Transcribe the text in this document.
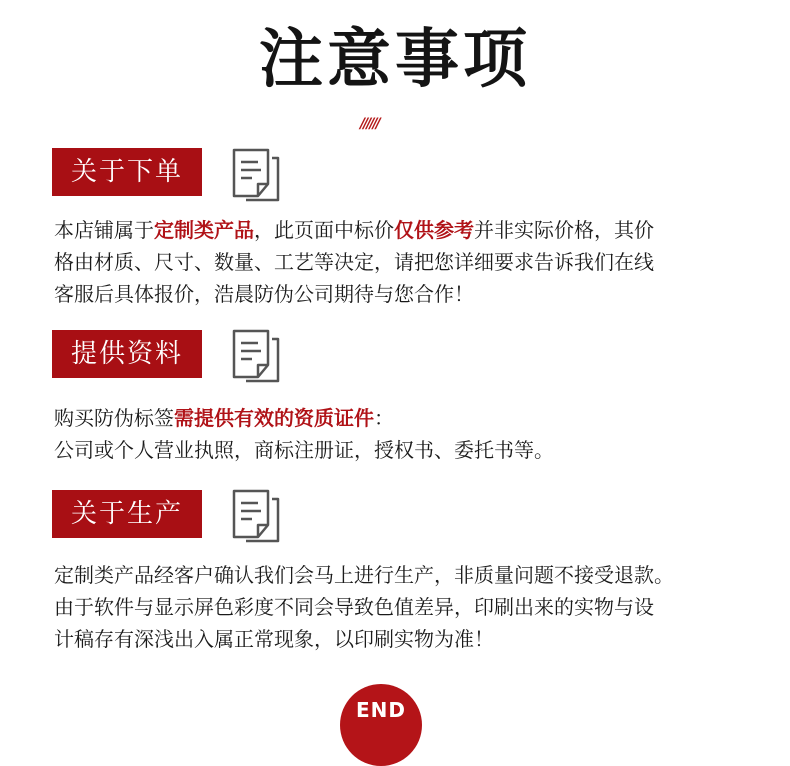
注意事项
//////
关于下单
本店铺属于定制类产品，此页面中标价仅供参考并非实际价格，其价
格由材质、尺寸、数量、工艺等决定，请把您详细要求告诉我们在线
客服后具体报价，浩晨防伪公司期待与您合作！
提供资料
购买防伪标签需提供有效的资质证件：
公司或个人营业执照，商标注册证，授权书、委托书等。
关于生产
定制类产品经客户确认我们会马上进行生产，非质量问题不接受退款。
由于软件与显示屏色彩度不同会导致色值差异，印刷出来的实物与设
计稿存有深浅出入属正常现象，以印刷实物为准！
END
